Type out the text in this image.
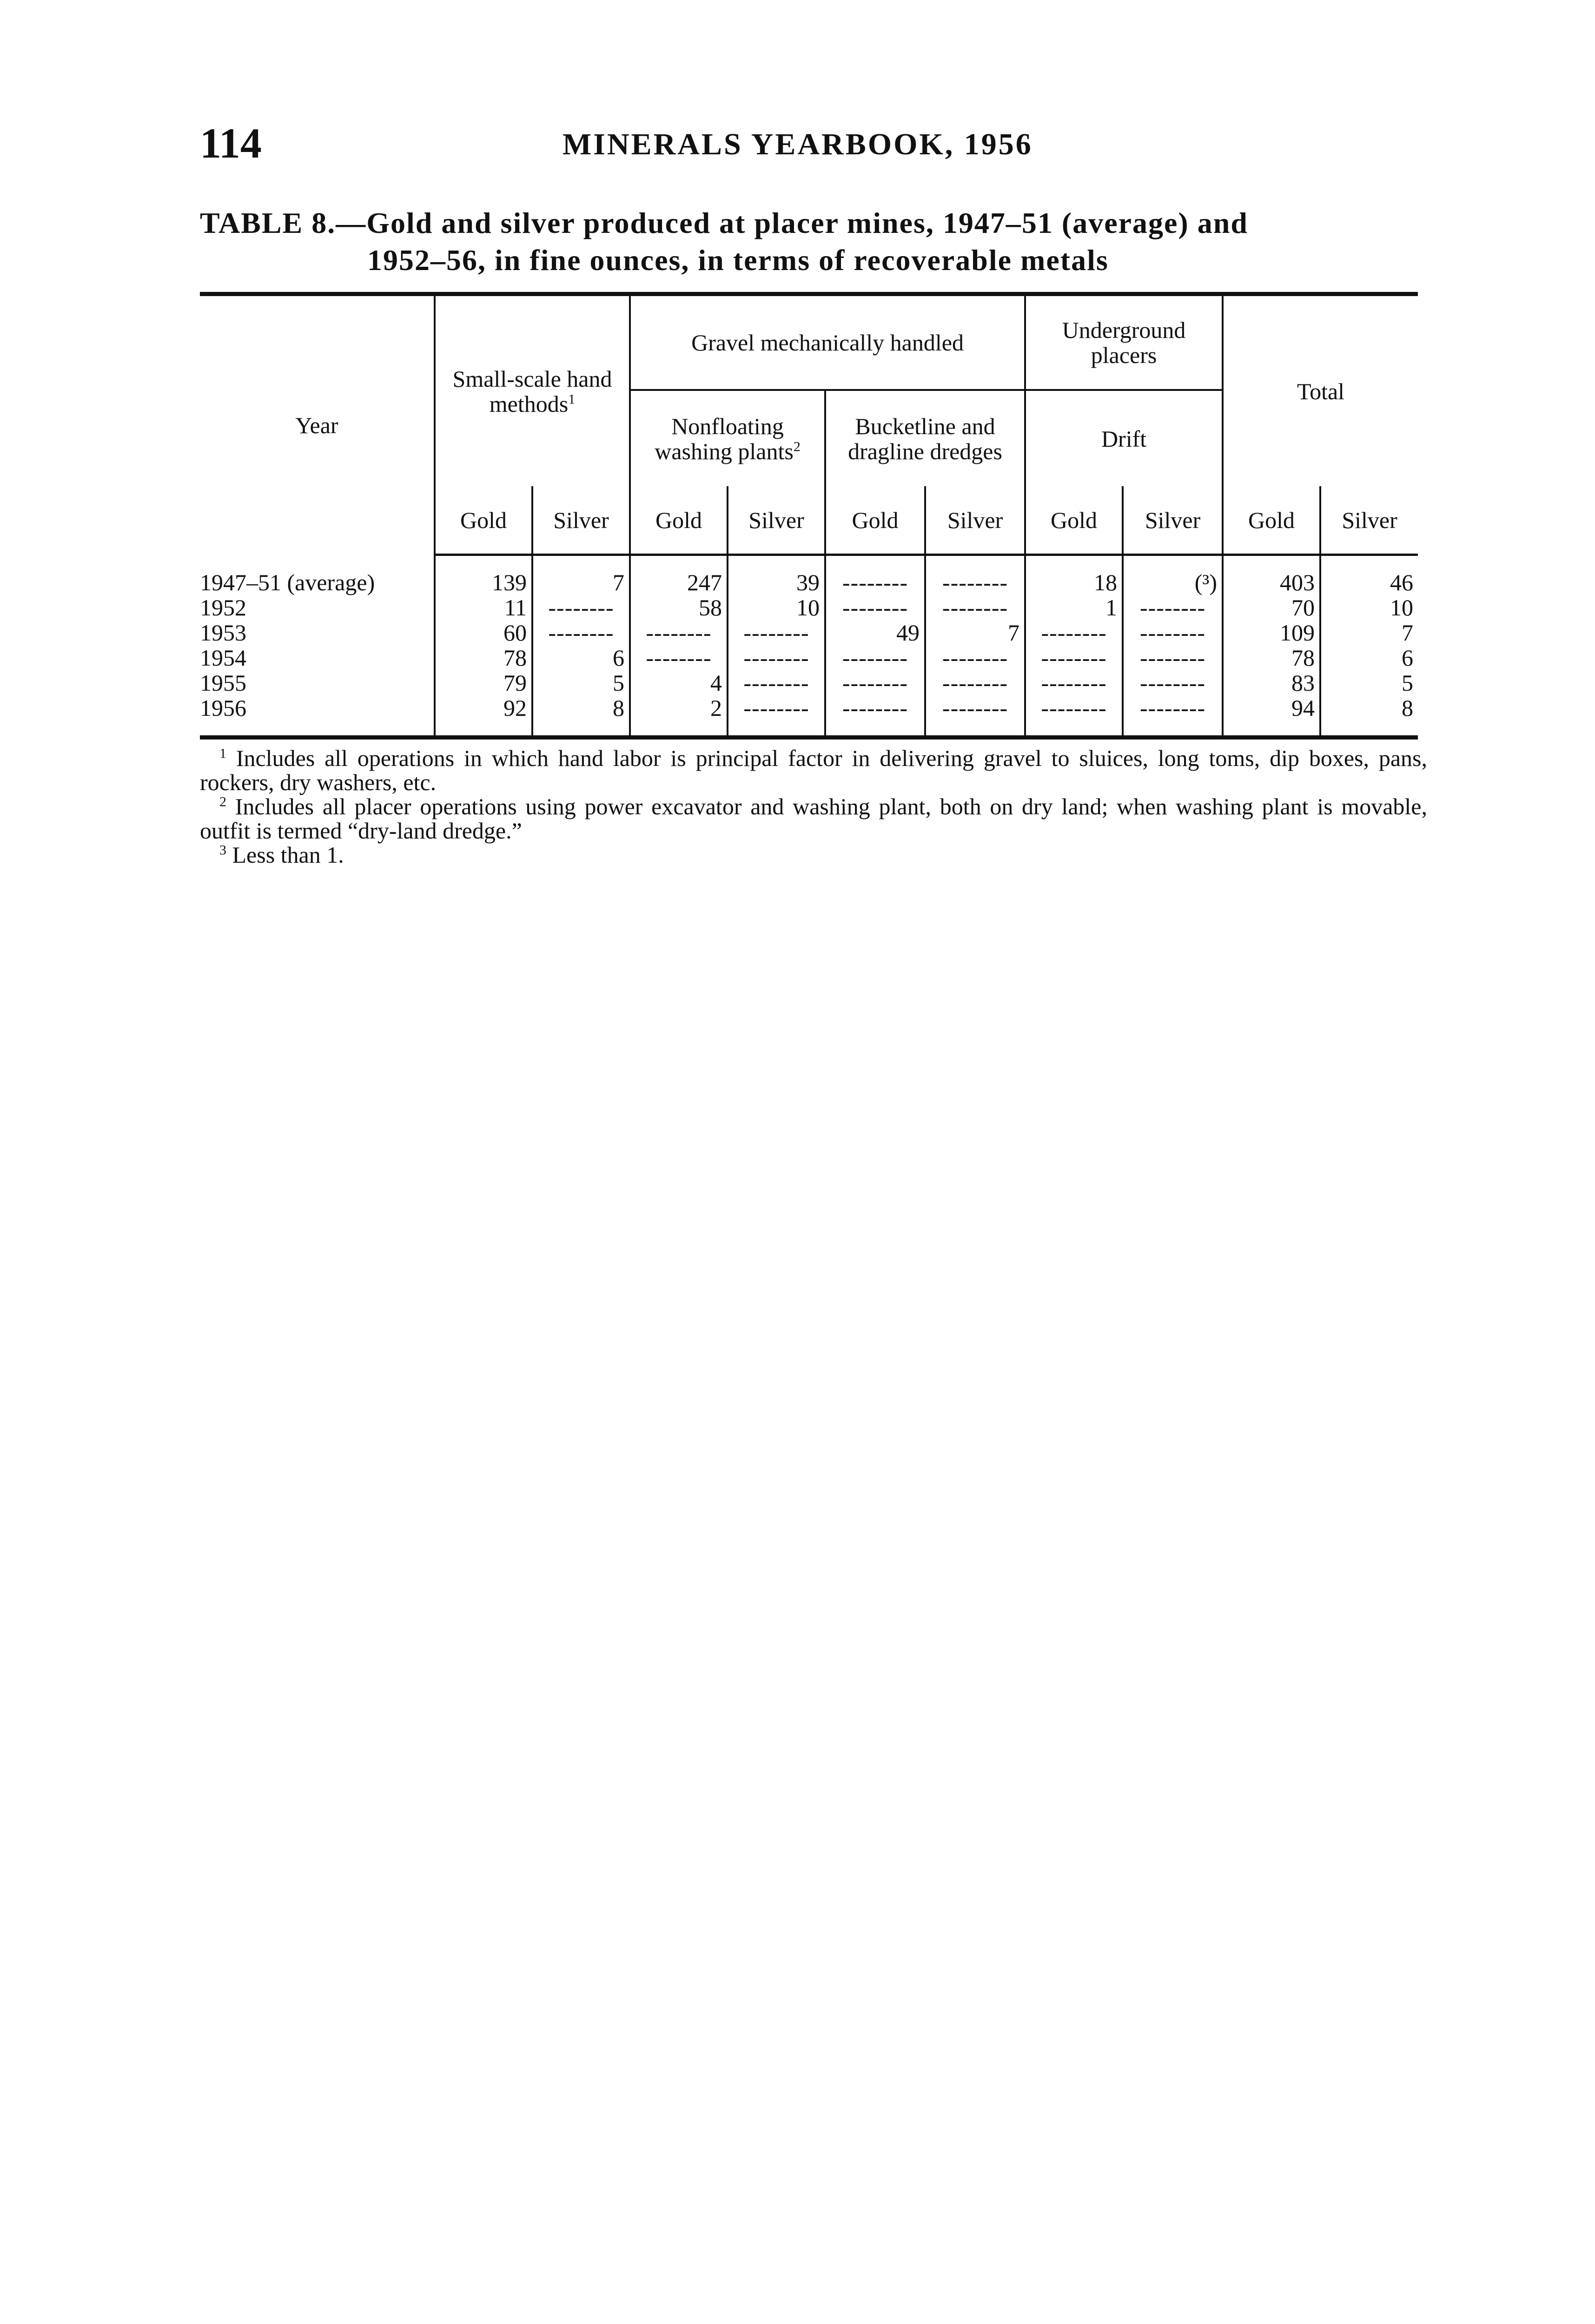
114	MINERALS YEARBOOK, 1956
TABLE 8.—Gold and silver produced at placer mines, 1947–51 (average) and
1952–56, in fine ounces, in terms of recoverable metals
Year	Small-scale hand methods$^1$		Gravel mechanically handled				Underground placers		Total	
			Nonfloating washing plants$^2$		Bucketline and dragline dredges		Drift			
	Gold	Silver	Gold	Silver	Gold	Silver	Gold	Silver	Gold	Silver
1947–51 (average)	139	7	247	39	--------	--------	18	(³)	403	46
1952	11	--------	58	10	--------	--------	1	--------	70	10
1953	60	--------	--------	--------	49	7	--------	--------	109	7
1954	78	6	--------	--------	--------	--------	--------	--------	78	6
1955	79	5	4	--------	--------	--------	--------	--------	83	5
1956	92	8	2	--------	--------	--------	--------	--------	94	8

$^1$ Includes all operations in which hand labor is principal factor in delivering gravel to sluices, long toms, dip boxes, pans, rockers, dry washers, etc.

$^2$ Includes all placer operations using power excavator and washing plant, both on dry land; when washing plant is movable, outfit is termed “dry-land dredge.”

$^3$ Less than 1.
